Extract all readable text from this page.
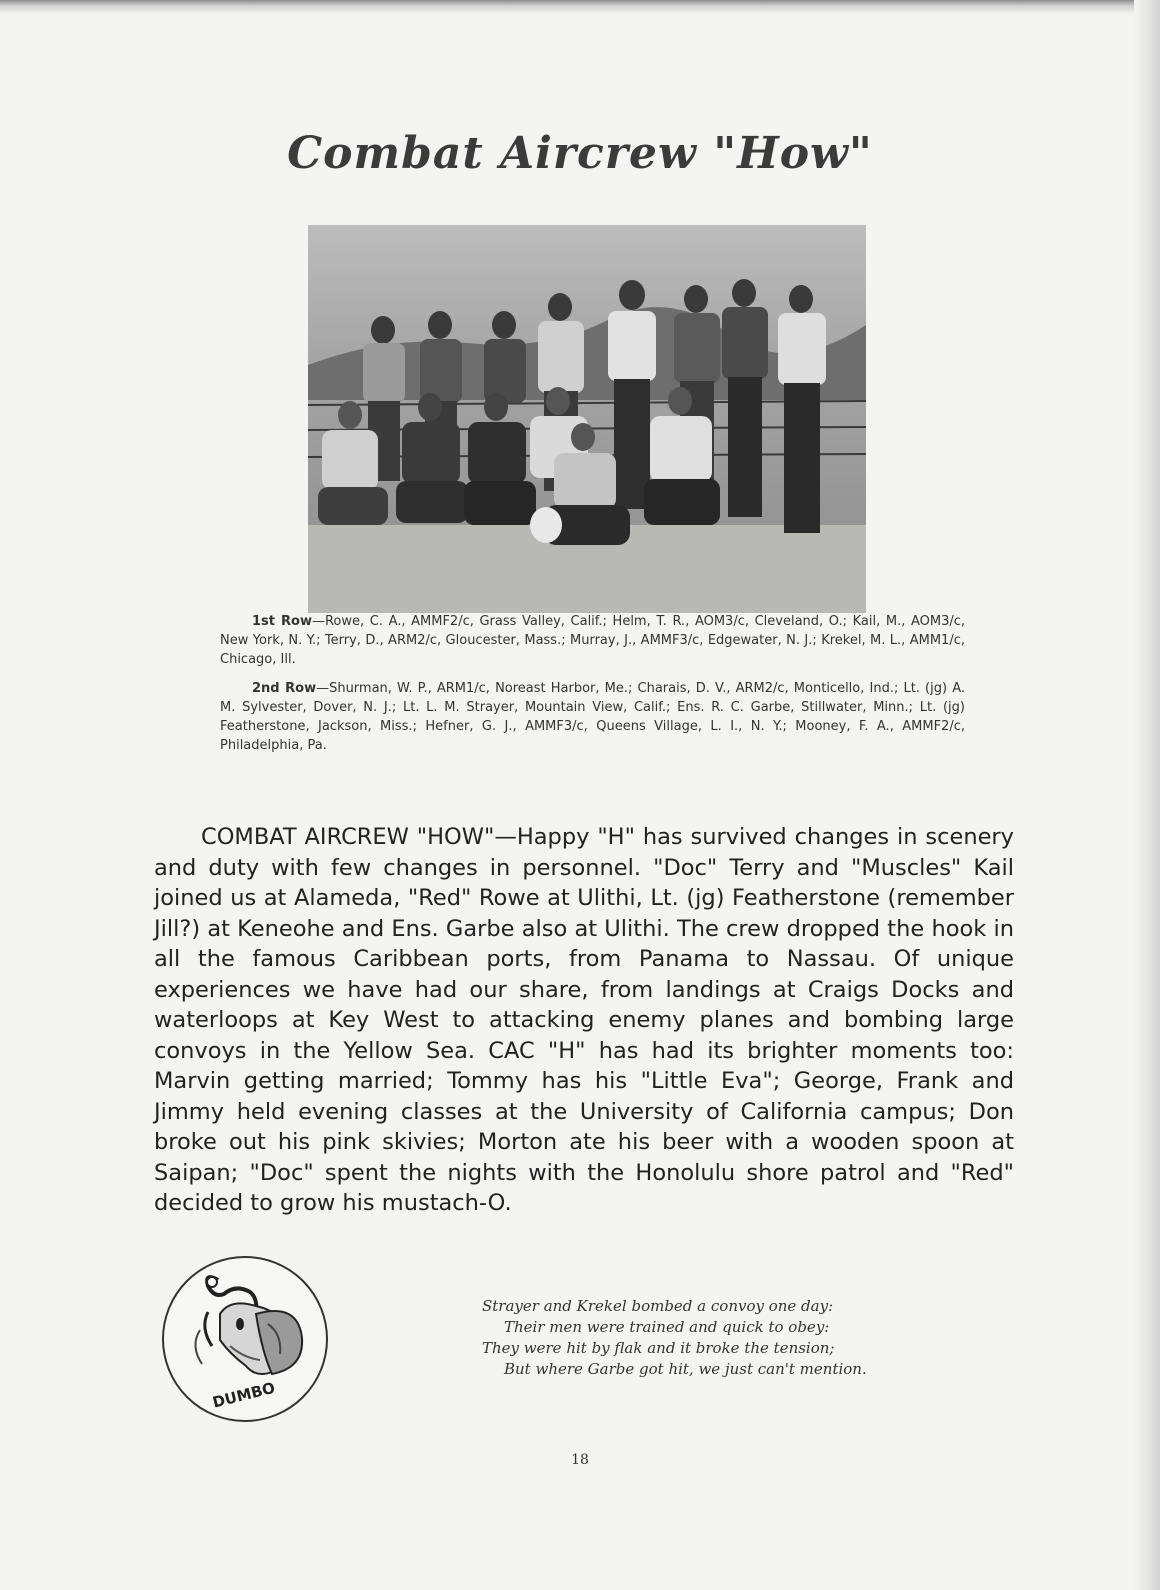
Combat Aircrew "How"

1st Row—Rowe, C. A., AMMF2/c, Grass Valley, Calif.; Helm, T. R., AOM3/c, Cleveland, O.; Kail, M., AOM3/c, New York, N. Y.; Terry, D., ARM2/c, Gloucester, Mass.; Murray, J., AMMF3/c, Edgewater, N. J.; Krekel, M. L., AMM1/c, Chicago, Ill.

2nd Row—Shurman, W. P., ARM1/c, Noreast Harbor, Me.; Charais, D. V., ARM2/c, Monticello, Ind.; Lt. (jg) A. M. Sylvester, Dover, N. J.; Lt. L. M. Strayer, Mountain View, Calif.; Ens. R. C. Garbe, Stillwater, Minn.; Lt. (jg) Featherstone, Jackson, Miss.; Hefner, G. J., AMMF3/c, Queens Village, L. I., N. Y.; Mooney, F. A., AMMF2/c, Philadelphia, Pa.

COMBAT AIRCREW "HOW"—Happy "H" has survived changes in scenery and duty with few changes in personnel. "Doc" Terry and "Muscles" Kail joined us at Alameda, "Red" Rowe at Ulithi, Lt. (jg) Featherstone (remember Jill?) at Keneohe and Ens. Garbe also at Ulithi. The crew dropped the hook in all the famous Caribbean ports, from Panama to Nassau. Of unique experiences we have had our share, from landings at Craigs Docks and waterloops at Key West to attacking enemy planes and bombing large convoys in the Yellow Sea. CAC "H" has had its brighter moments too: Marvin getting married; Tommy has his "Little Eva"; George, Frank and Jimmy held evening classes at the University of California campus; Don broke out his pink skivies; Morton ate his beer with a wooden spoon at Saipan; "Doc" spent the nights with the Honolulu shore patrol and "Red" decided to grow his mustach-O.

DUMBO
Strayer and Krekel bombed a convoy one day:
Their men were trained and quick to obey:
They were hit by flak and it broke the tension;
But where Garbe got hit, we just can't mention.
18
